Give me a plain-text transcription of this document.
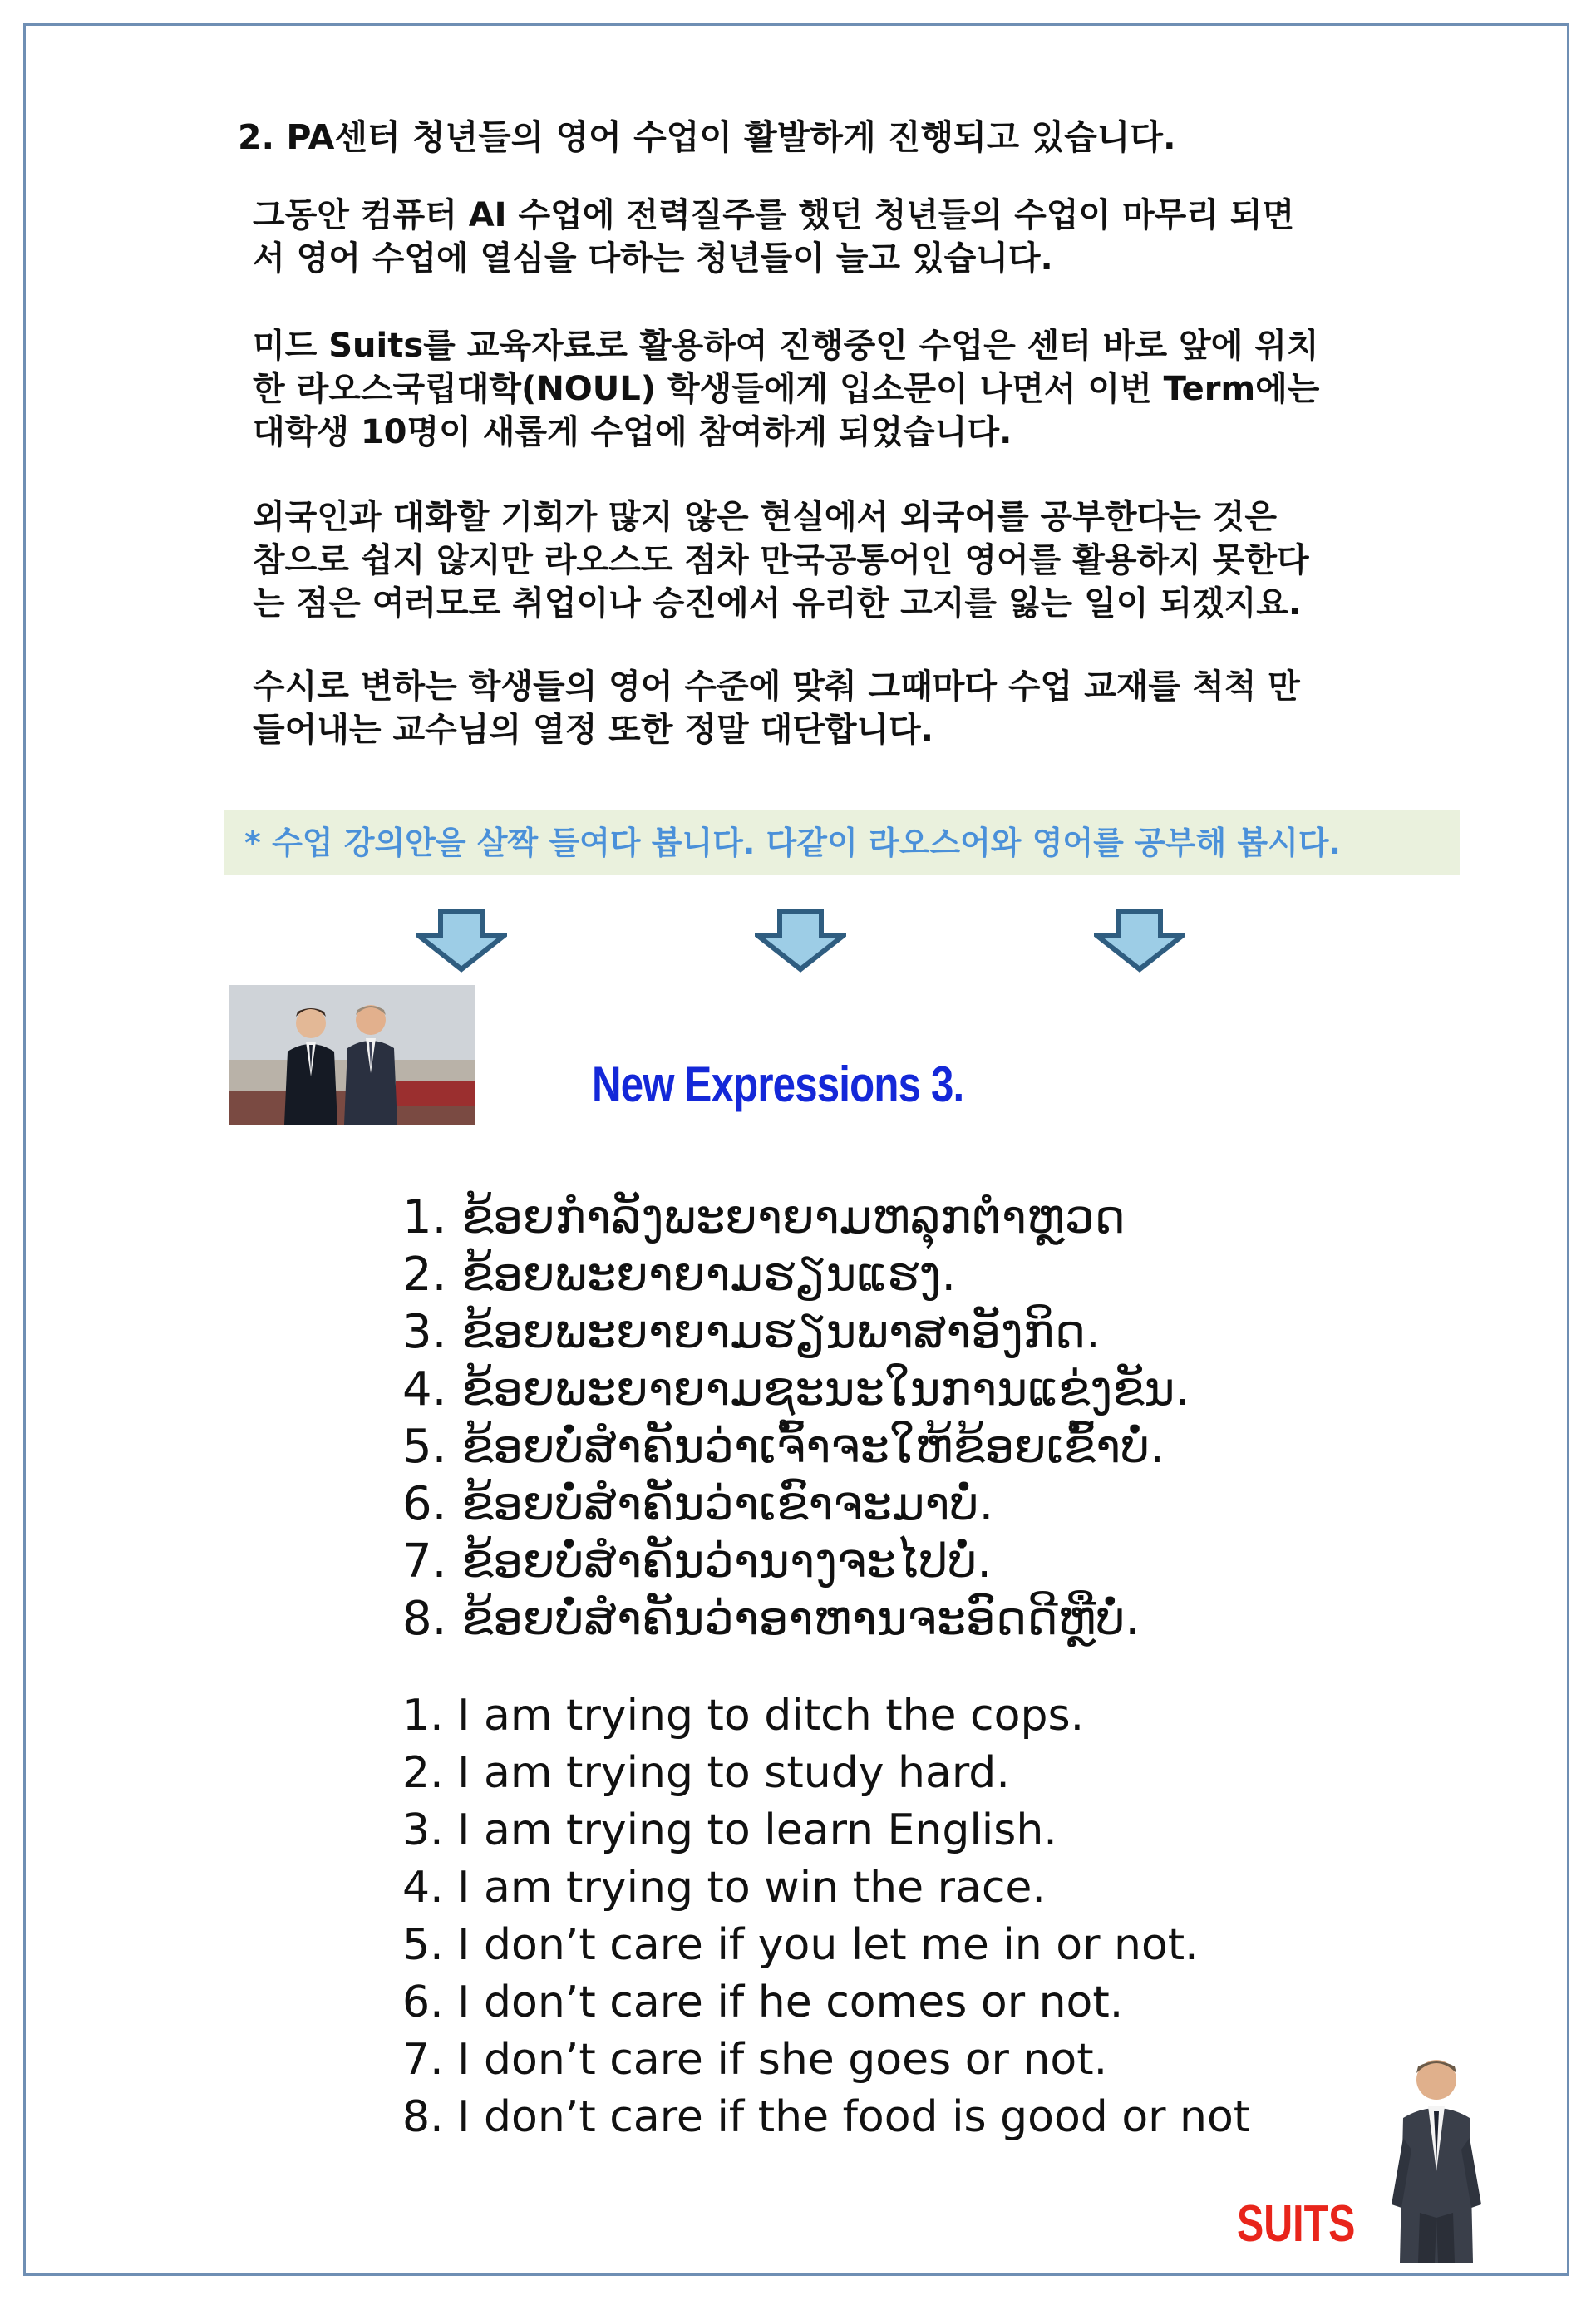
2. PA센터 청년들의 영어 수업이 활발하게 진행되고 있습니다.
그동안 컴퓨터 AI 수업에 전력질주를 했던 청년들의 수업이 마무리 되면
서 영어 수업에 열심을 다하는 청년들이 늘고 있습니다.
미드 Suits를 교육자료로 활용하여 진행중인 수업은 센터 바로 앞에 위치
한 라오스국립대학(NOUL) 학생들에게 입소문이 나면서 이번 Term에는
대학생 10명이 새롭게 수업에 참여하게 되었습니다.
외국인과 대화할 기회가 많지 않은 현실에서 외국어를 공부한다는 것은
참으로 쉽지 않지만 라오스도 점차 만국공통어인 영어를 활용하지 못한다
는 점은 여러모로 취업이나 승진에서 유리한 고지를 잃는 일이 되겠지요.
수시로 변하는 학생들의 영어 수준에 맞춰 그때마다 수업 교재를 척척 만
들어내는 교수님의 열정 또한 정말 대단합니다.
* 수업 강의안을 살짝 들여다 봅니다. 다같이 라오스어와 영어를 공부해 봅시다.
New Expressions 3.
1. ຂ້ອຍກຳລັງພະຍາຍາມຫລຸກຕຳຫຼວດ
2. ຂ້ອຍພະຍາຍາມຮຽນແຮງ.
3. ຂ້ອຍພະຍາຍາມຮຽນພາສາອັງກິດ.
4. ຂ້ອຍພະຍາຍາມຊະນະໃນການແຂ່ງຂັນ.
5. ຂ້ອຍບໍ່ສຳຄັນວ່າເຈົ້າຈະໃຫ້ຂ້ອຍເຂົ້າບໍ່.
6. ຂ້ອຍບໍ່ສຳຄັນວ່າເຂົາຈະມາບໍ່.
7. ຂ້ອຍບໍ່ສຳຄັນວ່ານາງຈະໄປບໍ່.
8. ຂ້ອຍບໍ່ສຳຄັນວ່າອາຫານຈະອົດດີຫຼືບໍ່.
1. I am trying to ditch the cops.
2. I am trying to study hard.
3. I am trying to learn English.
4. I am trying to win the race.
5. I don’t care if you let me in or not.
6. I don’t care if he comes or not.
7. I don’t care if she goes or not.
8. I don’t care if the food is good or not
SUITS
